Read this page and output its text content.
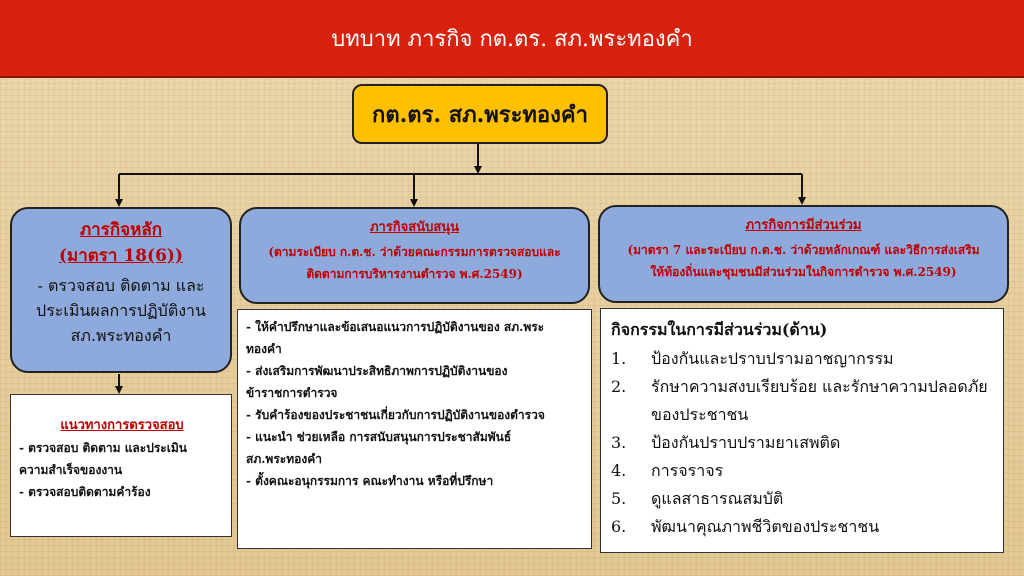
บทบาท ภารกิจ กต.ตร. สภ.พระทองคำ
กต.ตร. สภ.พระทองคำ
ภารกิจหลัก
(มาตรา 18(6))
- ตรวจสอบ ติดตาม และ
ประเมินผลการปฏิบัติงาน
สภ.พระทองคำ
ภารกิจสนับสนุน
(ตามระเบียบ ก.ต.ช. ว่าด้วยคณะกรรมการตรวจสอบและ
ติดตามการบริหารงานตำรวจ พ.ศ.2549)
ภารกิจการมีส่วนร่วม
(มาตรา 7 และระเบียบ ก.ต.ช. ว่าด้วยหลักเกณฑ์ และวิธีการส่งเสริม
ให้ท้องถิ่นและชุมชนมีส่วนร่วมในกิจการตำรวจ พ.ศ.2549)
แนวทางการตรวจสอบ
- ตรวจสอบ ติดตาม และประเมิน
ความสำเร็จของงาน
- ตรวจสอบติดตามคำร้อง
- ให้คำปรึกษาและข้อเสนอแนวการปฏิบัติงานของ สภ.พระ
ทองคำ
- ส่งเสริมการพัฒนาประสิทธิภาพการปฏิบัติงานของ
ข้าราชการตำรวจ
- รับคำร้องของประชาชนเกี่ยวกับการปฏิบัติงานของตำรวจ
- แนะนำ ช่วยเหลือ การสนับสนุนการประชาสัมพันธ์
สภ.พระทองคำ
- ตั้งคณะอนุกรรมการ คณะทำงาน หรือที่ปรึกษา
กิจกรรมในการมีส่วนร่วม(ด้าน)
1.	ป้องกันและปราบปรามอาชญากรรม
2.	รักษาความสงบเรียบร้อย และรักษาความปลอดภัย
ของประชาชน
3.	ป้องกันปราบปรามยาเสพติด
4.	การจราจร
5.	ดูแลสาธารณสมบัติ
6.	พัฒนาคุณภาพชีวิตของประชาชน
